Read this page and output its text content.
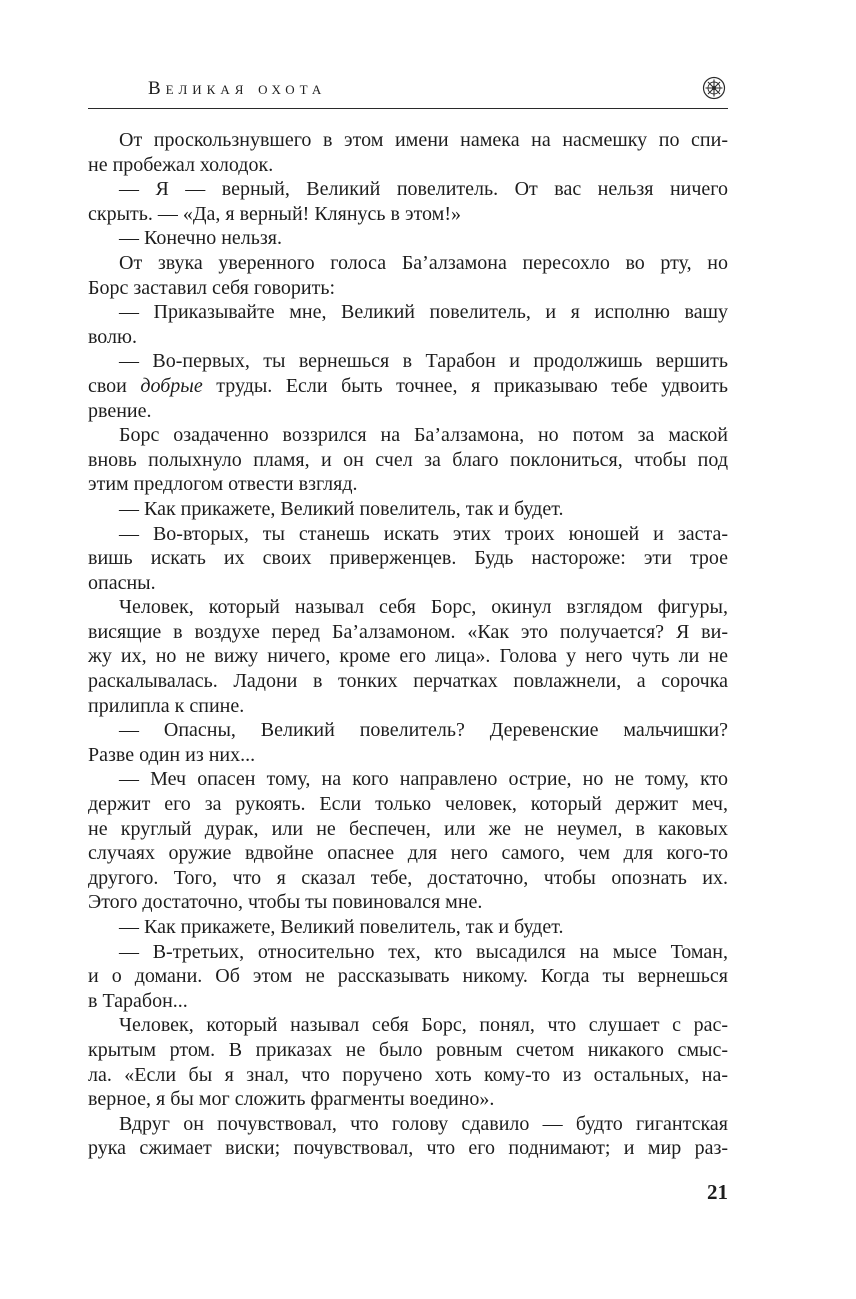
Великая охота
От проскользнувшего в этом имени намека на насмешку по спи-
не пробежал холодок.
— Я — верный, Великий повелитель. От вас нельзя ничего
скрыть. — «Да, я верный! Клянусь в этом!»
— Конечно нельзя.
От звука уверенного голоса Ба’алзамона пересохло во рту, но
Борс заставил себя говорить:
— Приказывайте мне, Великий повелитель, и я исполню вашу
волю.
— Во-первых, ты вернешься в Тарабон и продолжишь вершить
свои добрые труды. Если быть точнее, я приказываю тебе удвоить
рвение.
Борс озадаченно воззрился на Ба’алзамона, но потом за маской
вновь полыхнуло пламя, и он счел за благо поклониться, чтобы под
этим предлогом отвести взгляд.
— Как прикажете, Великий повелитель, так и будет.
— Во-вторых, ты станешь искать этих троих юношей и заста-
вишь искать их своих приверженцев. Будь настороже: эти трое
опасны.
Человек, который называл себя Борс, окинул взглядом фигуры,
висящие в воздухе перед Ба’алзамоном. «Как это получается? Я ви-
жу их, но не вижу ничего, кроме его лица». Голова у него чуть ли не
раскалывалась. Ладони в тонких перчатках повлажнели, а сорочка
прилипла к спине.
— Опасны, Великий повелитель? Деревенские мальчишки?
Разве один из них...
— Меч опасен тому, на кого направлено острие, но не тому, кто
держит его за рукоять. Если только человек, который держит меч,
не круглый дурак, или не беспечен, или же не неумел, в каковых
случаях оружие вдвойне опаснее для него самого, чем для кого-то
другого. Того, что я сказал тебе, достаточно, чтобы опознать их.
Этого достаточно, чтобы ты повиновался мне.
— Как прикажете, Великий повелитель, так и будет.
— В-третьих, относительно тех, кто высадился на мысе Томан,
и о домани. Об этом не рассказывать никому. Когда ты вернешься
в Тарабон...
Человек, который называл себя Борс, понял, что слушает с рас-
крытым ртом. В приказах не было ровным счетом никакого смыс-
ла. «Если бы я знал, что поручено хоть кому-то из остальных, на-
верное, я бы мог сложить фрагменты воедино».
Вдруг он почувствовал, что голову сдавило — будто гигантская
рука сжимает виски; почувствовал, что его поднимают; и мир раз-
21
